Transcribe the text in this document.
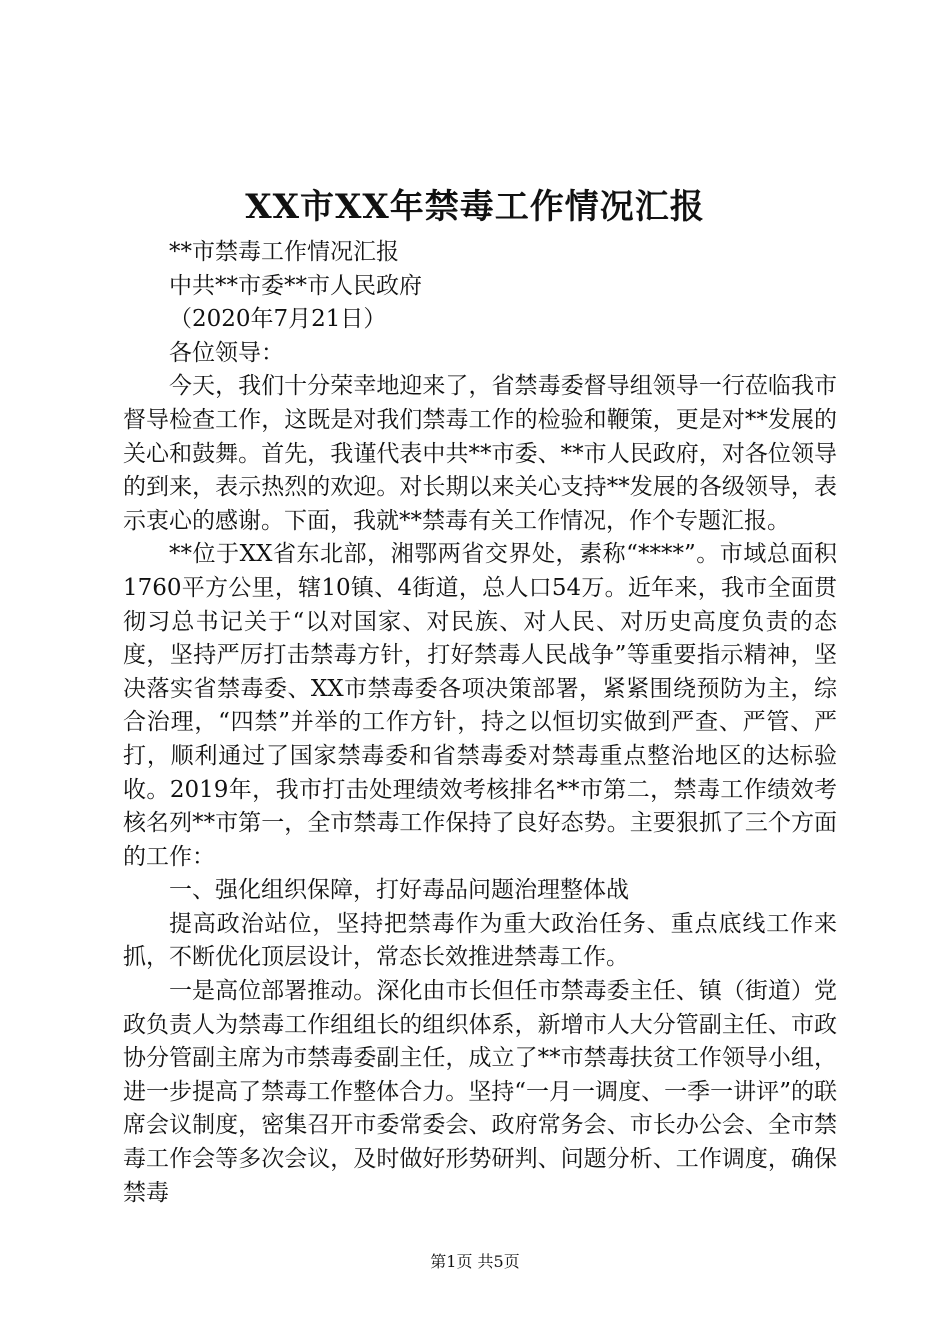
XX市XX年禁毒工作情况汇报

**市禁毒工作情况汇报

中共**市委**市人民政府

（2020年7月21日）

各位领导：

今天，我们十分荣幸地迎来了，省禁毒委督导组领导一行莅临我市督导检查工作，这既是对我们禁毒工作的检验和鞭策，更是对**发展的关心和鼓舞。首先，我谨代表中共**市委、**市人民政府，对各位领导的到来，表示热烈的欢迎。对长期以来关心支持**发展的各级领导，表示衷心的感谢。下面，我就**禁毒有关工作情况，作个专题汇报。

**位于XX省东北部，湘鄂两省交界处，素称“****”。市域总面积1760平方公里，辖10镇、4街道，总人口54万。近年来，我市全面贯彻习总书记关于“以对国家、对民族、对人民、对历史高度负责的态度，坚持严厉打击禁毒方针，打好禁毒人民战争”等重要指示精神，坚决落实省禁毒委、XX市禁毒委各项决策部署，紧紧围绕预防为主，综合治理，“四禁”并举的工作方针，持之以恒切实做到严查、严管、严打，顺利通过了国家禁毒委和省禁毒委对禁毒重点整治地区的达标验收。2019年，我市打击处理绩效考核排名**市第二，禁毒工作绩效考核名列**市第一，全市禁毒工作保持了良好态势。主要狠抓了三个方面的工作：

一、强化组织保障，打好毒品问题治理整体战

提高政治站位，坚持把禁毒作为重大政治任务、重点底线工作来抓，不断优化顶层设计，常态长效推进禁毒工作。

一是高位部署推动。深化由市长但任市禁毒委主任、镇（街道）党政负责人为禁毒工作组组长的组织体系，新增市人大分管副主任、市政协分管副主席为市禁毒委副主任，成立了**市禁毒扶贫工作领导小组，进一步提高了禁毒工作整体合力。坚持“一月一调度、一季一讲评”的联席会议制度，密集召开市委常委会、政府常务会、市长办公会、全市禁毒工作会等多次会议，及时做好形势研判、问题分析、工作调度，确保禁毒

第1页 共5页
